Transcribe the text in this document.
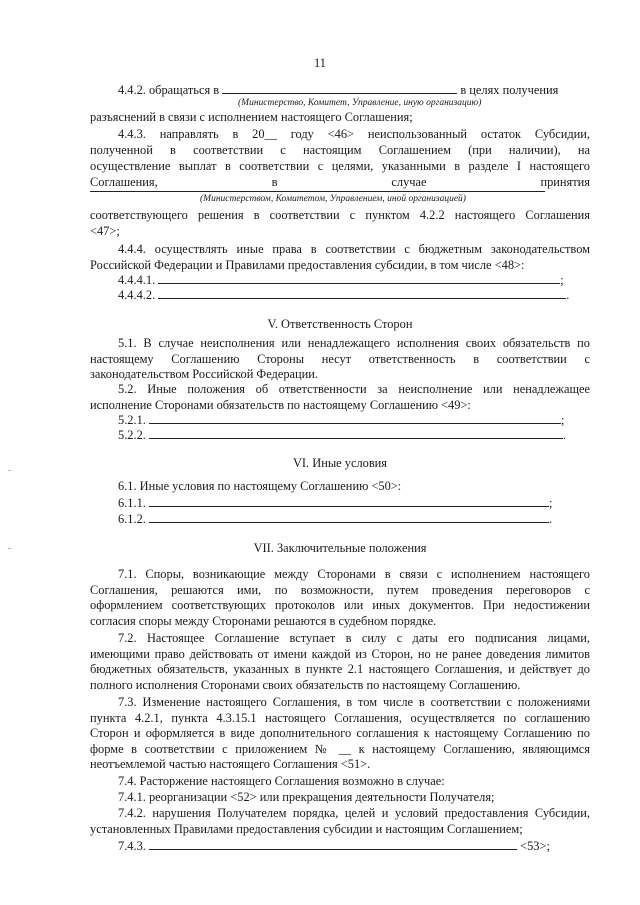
11
4.4.2. обращаться в	в целях получения
(Министерство, Комитет, Управление, иную организацию)
разъяснений в связи с исполнением настоящего Соглашения;
4.4.3. направлять в 20__ году <46> неиспользованный остаток Субсидии,
полученной в соответствии с настоящим Соглашением (при наличии), на
осуществление выплат в соответствии с целями, указанными в разделе I настоящего
Соглашения,	в	случае	принятия
(Министерством, Комитетом, Управлением, иной организацией)
соответствующего решения в соответствии с пунктом 4.2.2 настоящего Соглашения
<47>;
4.4.4. осуществлять иные права в соответствии с бюджетным законодательством
Российской Федерации и Правилами предоставления субсидии, в том числе <48>:
4.4.4.1.	;
4.4.4.2.	.
V. Ответственность Сторон
5.1. В случае неисполнения или ненадлежащего исполнения своих обязательств по
настоящему Соглашению Стороны несут ответственность в соответствии с
законодательством Российской Федерации.
5.2. Иные положения об ответственности за неисполнение или ненадлежащее
исполнение Сторонами обязательств по настоящему Соглашению <49>:
5.2.1.	;
5.2.2.	.
VI. Иные условия
6.1. Иные условия по настоящему Соглашению <50>:
6.1.1.	;
6.1.2.	.
VII. Заключительные положения
7.1. Споры, возникающие между Сторонами в связи с исполнением настоящего
Соглашения, решаются ими, по возможности, путем проведения переговоров с
оформлением соответствующих протоколов или иных документов. При недостижении
согласия споры между Сторонами решаются в судебном порядке.
7.2. Настоящее Соглашение вступает в силу с даты его подписания лицами,
имеющими право действовать от имени каждой из Сторон, но не ранее доведения лимитов
бюджетных обязательств, указанных в пункте 2.1 настоящего Соглашения, и действует до
полного исполнения Сторонами своих обязательств по настоящему Соглашению.
7.3. Изменение настоящего Соглашения, в том числе в соответствии с положениями
пункта 4.2.1, пункта 4.3.15.1 настоящего Соглашения, осуществляется по соглашению
Сторон и оформляется в виде дополнительного соглашения к настоящему Соглашению по
форме в соответствии с приложением № __ к настоящему Соглашению, являющимся
неотъемлемой частью настоящего Соглашения <51>.
7.4. Расторжение настоящего Соглашения возможно в случае:
7.4.1. реорганизации <52> или прекращения деятельности Получателя;
7.4.2. нарушения Получателем порядка, целей и условий предоставления Субсидии,
установленных Правилами предоставления субсидии и настоящим Соглашением;
7.4.3.	<53>;
